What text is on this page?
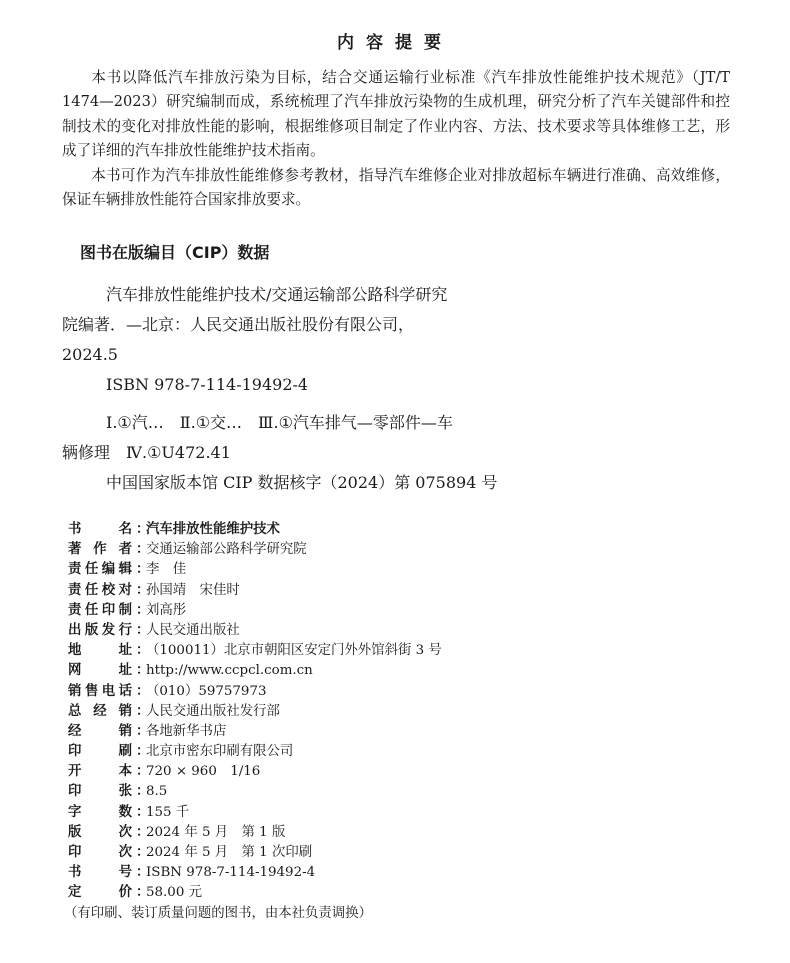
内容提要

本书以降低汽车排放污染为目标，结合交通运输行业标准《汽车排放性能维护技术规范》（JT/T 1474—2023）研究编制而成，系统梳理了汽车排放污染物的生成机理，研究分析了汽车关键部件和控制技术的变化对排放性能的影响，根据维修项目制定了作业内容、方法、技术要求等具体维修工艺，形成了详细的汽车排放性能维护技术指南。

本书可作为汽车排放性能维修参考教材，指导汽车维修企业对排放超标车辆进行准确、高效维修，保证车辆排放性能符合国家排放要求。

图书在版编目（CIP）数据
汽车排放性能维护技术/交通运输部公路科学研究
院编著．—北京：人民交通出版社股份有限公司，
2024.5
ISBN 978-7-114-19492-4
Ⅰ.①汽…　Ⅱ.①交…　Ⅲ.①汽车排气—零部件—车
辆修理　Ⅳ.①U472.41
中国国家版本馆 CIP 数据核字（2024）第 075894 号
书	名 ：
汽车排放性能维护技术
著 作 者 ：
交通运输部公路科学研究院
责 任 编 辑 ：
李　佳
责 任 校 对 ：
孙国靖　宋佳时
责 任 印 制 ：
刘高彤
出 版 发 行 ：
人民交通出版社
地	址 ：
（100011）北京市朝阳区安定门外外馆斜街 3 号
网	址 ：
http://www.ccpcl.com.cn
销 售 电 话 ：
（010）59757973
总 经 销 ：
人民交通出版社发行部
经	销 ：
各地新华书店
印	刷 ：
北京市密东印刷有限公司
开	本 ：
720 × 960　1/16
印	张 ：
8.5
字	数 ：
155 千
版	次 ：
2024 年 5 月　第 1 版
印	次 ：
2024 年 5 月　第 1 次印刷
书	号 ：
ISBN 978-7-114-19492-4
定	价 ：
58.00 元
（有印刷、装订质量问题的图书，由本社负责调换）
